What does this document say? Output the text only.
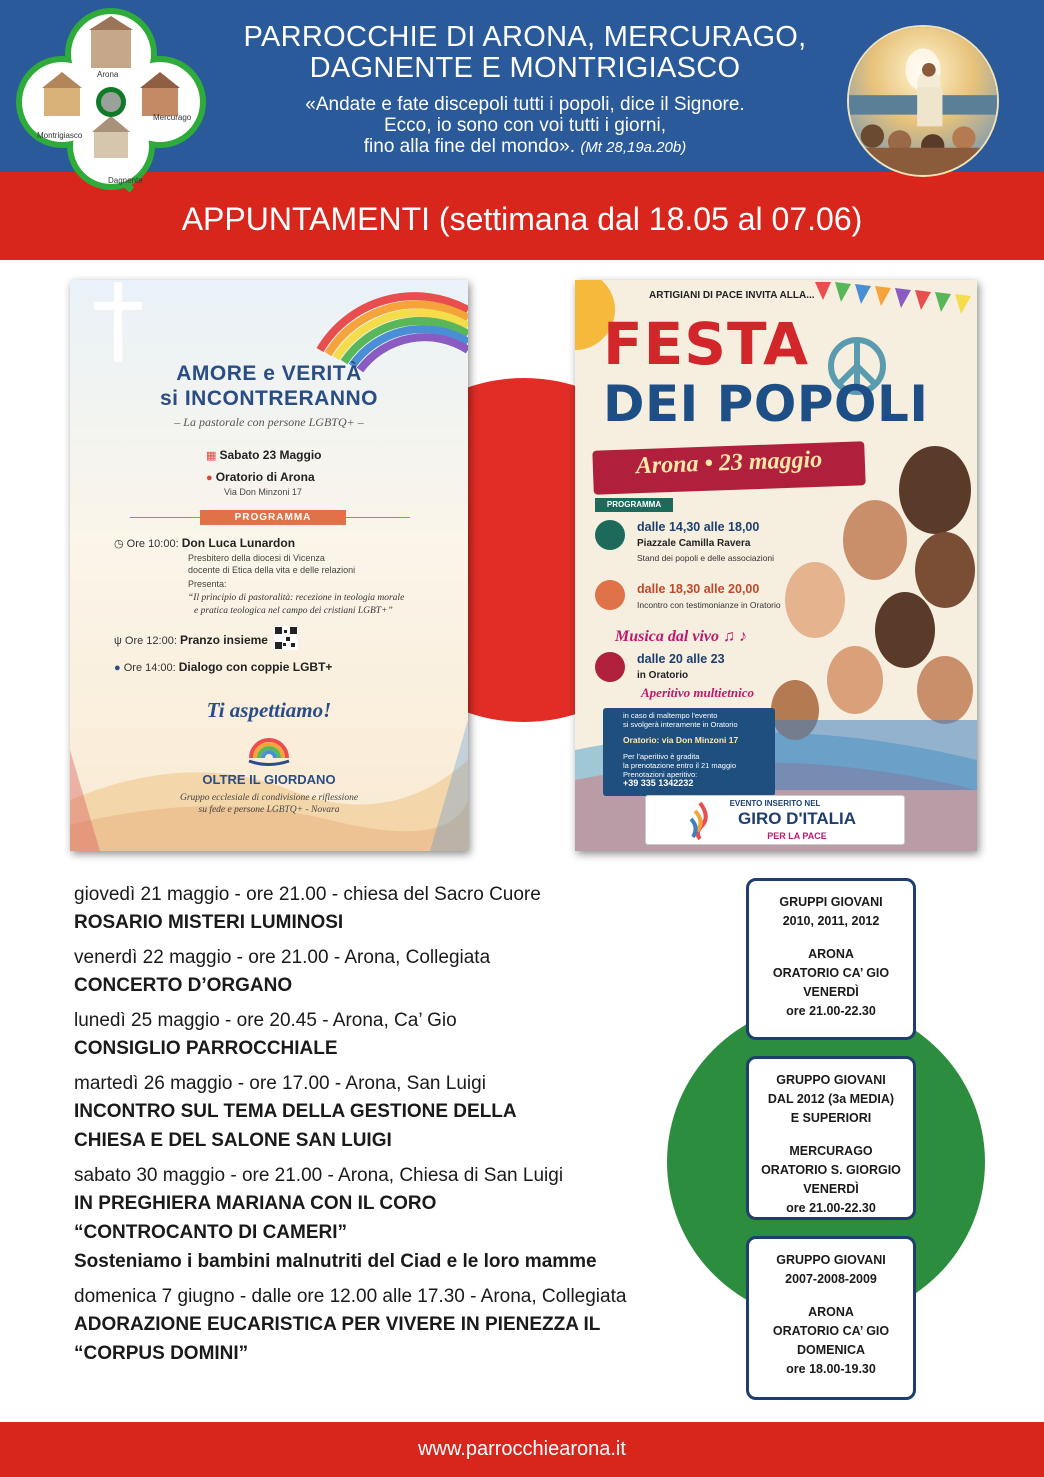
Arona
Mercurago
Montrigiasco
Dagnente
PARROCCHIE DI ARONA, MERCURAGO,
DAGNENTE E MONTRIGIASCO
«Andate e fate discepoli tutti i popoli, dice il Signore.
Ecco, io sono con voi tutti i giorni,
fino alla fine del mondo». (Mt 28,19a.20b)
APPUNTAMENTI (settimana dal 18.05 al 07.06)
AMORE e VERITÀ
si INCONTRERANNO
– La pastorale con persone LGBTQ+ –
▦ Sabato 23 Maggio
● Oratorio di Arona
Via Don Minzoni 17
PROGRAMMA
◷ Ore 10:00: Don Luca Lunardon
Presbitero della diocesi di Vicenza
docente di Etica della vita e delle relazioni
Presenta:
“Il principio di pastoralità: recezione in teologia morale
e pratica teologica nel campo dei cristiani LGBT+”
ψ Ore 12:00: Pranzo insieme
● Ore 14:00: Dialogo con coppie LGBT+
Ti aspettiamo!
OLTRE IL GIORDANO
Gruppo ecclesiale di condivisione e riflessione
su fede e persone LGBTQ+ - Novara
ARTIGIANI DI PACE INVITA ALLA...
FESTA
DEI POPOLI
Arona • 23 maggio
PROGRAMMA
dalle 14,30 alle 18,00
Piazzale Camilla Ravera
Stand dei popoli e delle associazioni
dalle 18,30 alle 20,00
Incontro con testimonianze in Oratorio
Musica dal vivo ♫ ♪
dalle 20 alle 23
in Oratorio
Aperitivo multietnico
in caso di maltempo l'evento
si svolgerà interamente in Oratorio
Oratorio: via Don Minzoni 17
Per l'aperitivo è gradita
la prenotazione entro il 21 maggio
Prenotazioni aperitivo:
+39 335 1342232
EVENTO INSERITO NEL
GIRO D'ITALIA
PER LA PACE
giovedì 21 maggio - ore 21.00 - chiesa del Sacro Cuore
ROSARIO MISTERI LUMINOSI
venerdì 22 maggio - ore 21.00 - Arona, Collegiata
CONCERTO D’ORGANO
lunedì 25 maggio - ore 20.45 - Arona, Ca’ Gio
CONSIGLIO PARROCCHIALE
martedì 26 maggio - ore 17.00 - Arona, San Luigi
INCONTRO SUL TEMA DELLA GESTIONE DELLA
CHIESA E DEL SALONE SAN LUIGI
sabato 30 maggio - ore 21.00 - Arona, Chiesa di San Luigi
IN PREGHIERA MARIANA CON IL CORO
“CONTROCANTO DI CAMERI”
Sosteniamo i bambini malnutriti del Ciad e le loro mamme
domenica 7 giugno - dalle ore 12.00 alle 17.30 - Arona, Collegiata
ADORAZIONE EUCARISTICA PER VIVERE IN PIENEZZA IL
“CORPUS DOMINI”
GRUPPI GIOVANI
2010, 2011, 2012
ARONA
ORATORIO CA’ GIO
VENERDÌ
ore 21.00-22.30
GRUPPO GIOVANI
DAL 2012 (3a MEDIA)
E SUPERIORI
MERCURAGO
ORATORIO S. GIORGIO
VENERDÌ
ore 21.00-22.30
GRUPPO GIOVANI
2007-2008-2009
ARONA
ORATORIO CA’ GIO
DOMENICA
ore 18.00-19.30
www.parrocchiearona.it
